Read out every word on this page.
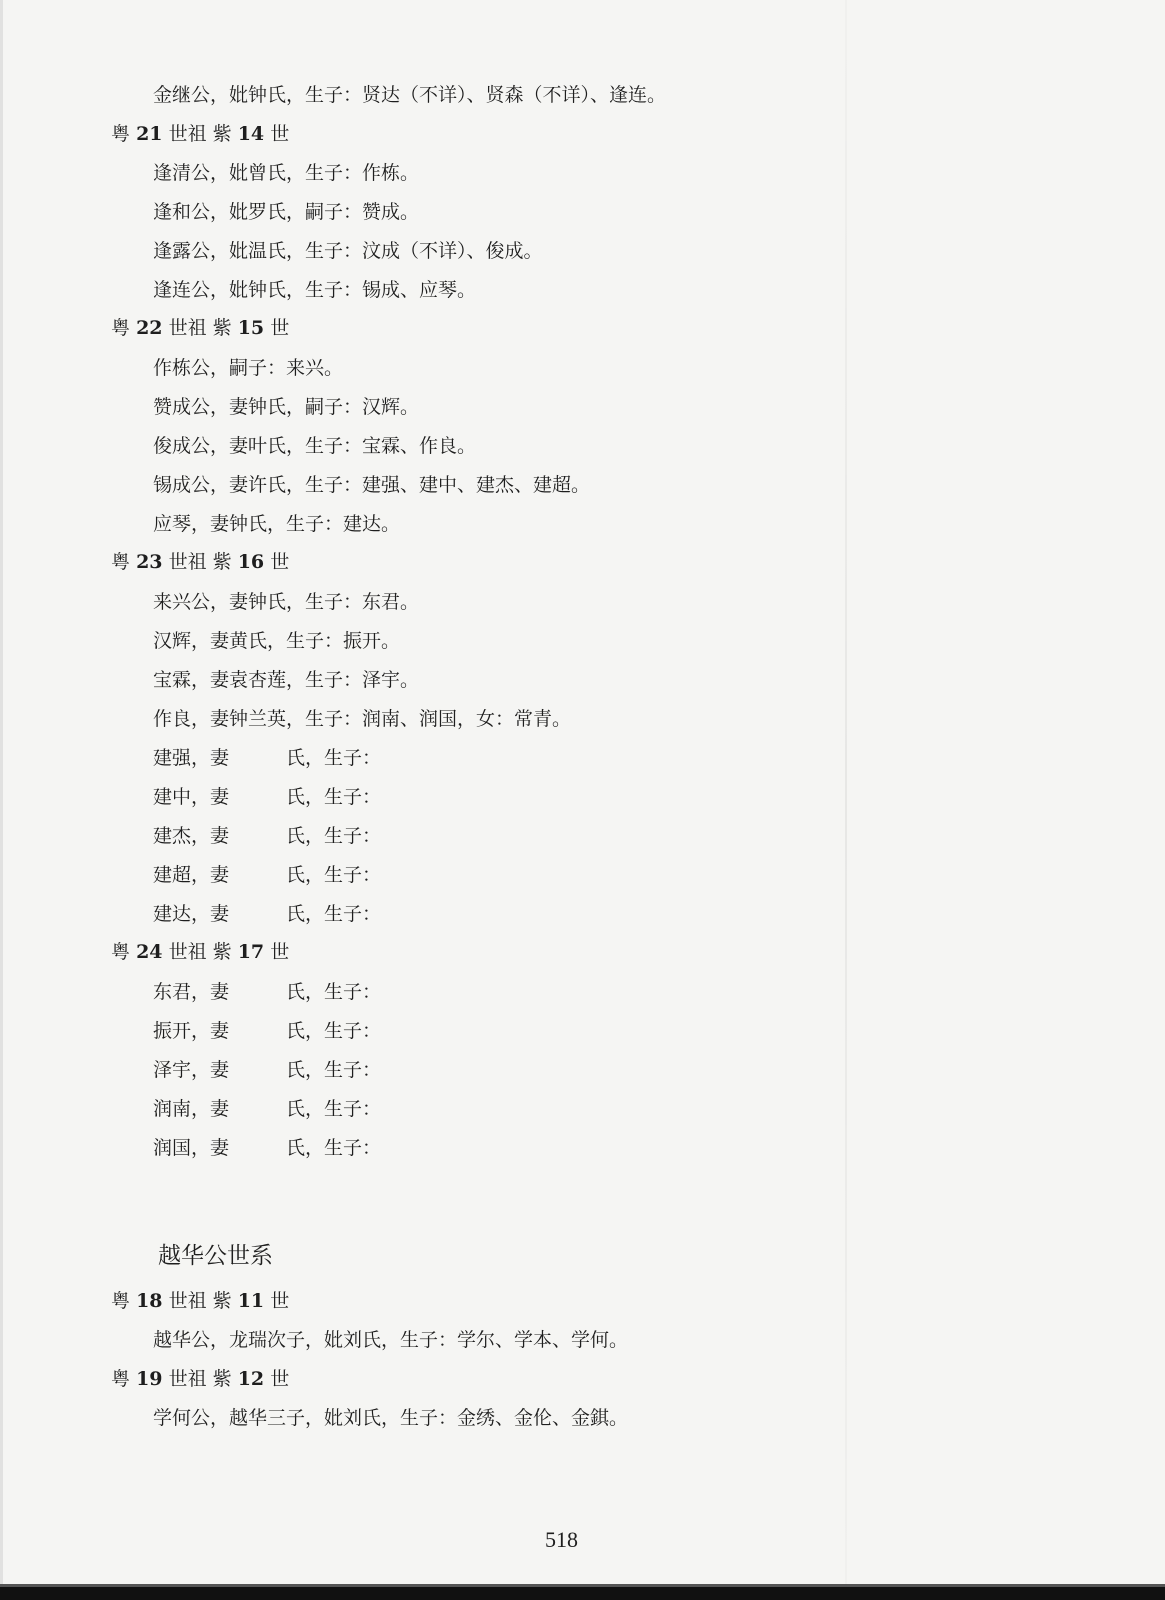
金继公，妣钟氏，生子：贤达（不详）、贤森（不详）、逢连。
粤 21 世祖 紫 14 世
逢清公，妣曾氏，生子：作栋。
逢和公，妣罗氏，嗣子：赞成。
逢露公，妣温氏，生子：汶成（不详）、俊成。
逢连公，妣钟氏，生子：锡成、应琴。
粤 22 世祖 紫 15 世
作栋公，嗣子：来兴。
赞成公，妻钟氏，嗣子：汉辉。
俊成公，妻叶氏，生子：宝霖、作良。
锡成公，妻许氏，生子：建强、建中、建杰、建超。
应琴，妻钟氏，生子：建达。
粤 23 世祖 紫 16 世
来兴公，妻钟氏，生子：东君。
汉辉，妻黄氏，生子：振开。
宝霖，妻袁杏莲，生子：泽宇。
作良，妻钟兰英，生子：润南、润国，女：常青。
建强，妻　　　氏，生子：
建中，妻　　　氏，生子：
建杰，妻　　　氏，生子：
建超，妻　　　氏，生子：
建达，妻　　　氏，生子：
粤 24 世祖 紫 17 世
东君，妻　　　氏，生子：
振开，妻　　　氏，生子：
泽宇，妻　　　氏，生子：
润南，妻　　　氏，生子：
润国，妻　　　氏，生子：
越华公世系
粤 18 世祖 紫 11 世
越华公，龙瑞次子，妣刘氏，生子：学尔、学本、学何。
粤 19 世祖 紫 12 世
学何公，越华三子，妣刘氏，生子：金绣、金伦、金錤。
518
